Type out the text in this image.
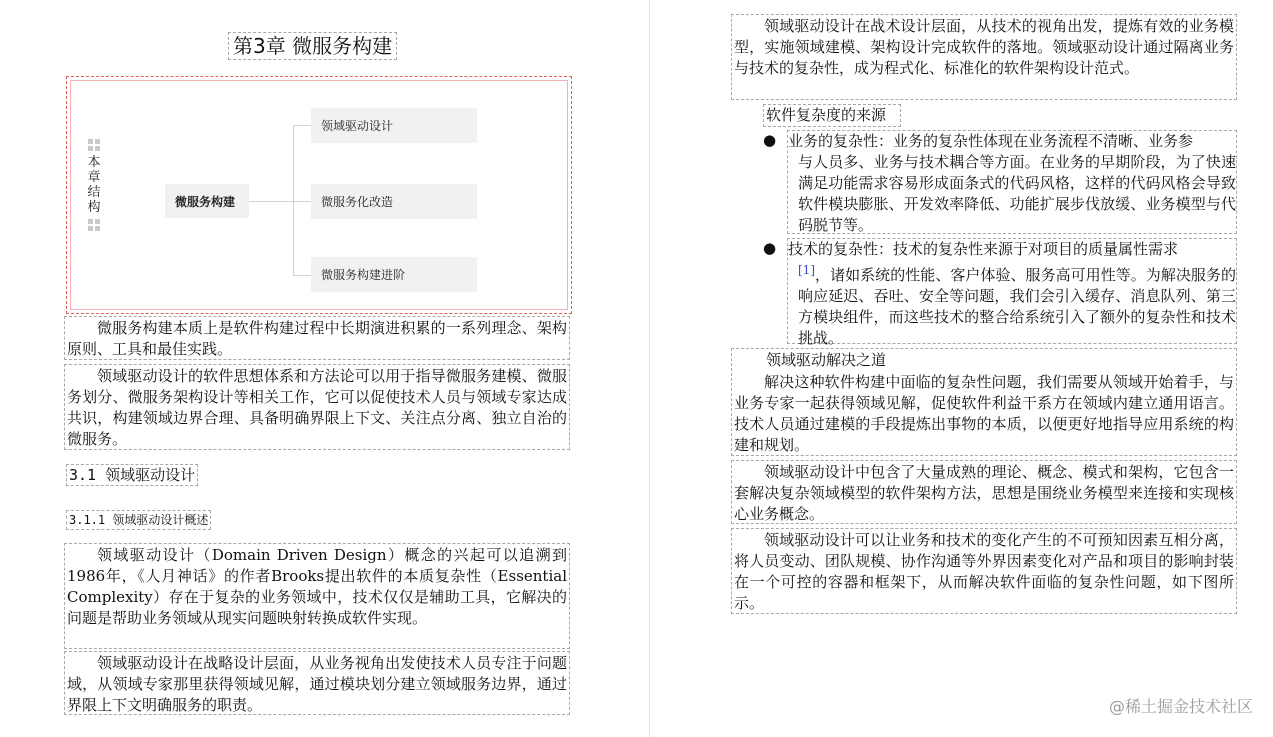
第3章 微服务构建
本
章
结
构	微服务构建
领域驱动设计
微服务化改造
微服务构建进阶

微服务构建本质上是软件构建过程中长期演进积累的一系列理念、架构原则、工具和最佳实践。

领域驱动设计的软件思想体系和方法论可以用于指导微服务建模、微服务划分、微服务架构设计等相关工作，它可以促使技术人员与领域专家达成共识，构建领域边界合理、具备明确界限上下文、关注点分离、独立自治的微服务。

3.1 领域驱动设计
3.1.1 领域驱动设计概述

领域驱动设计（Domain Driven Design）概念的兴起可以追溯到1986年，《人月神话》的作者Brooks提出软件的本质复杂性（Essential Complexity）存在于复杂的业务领域中，技术仅仅是辅助工具，它解决的问题是帮助业务领域从现实问题映射转换成软件实现。

领域驱动设计在战略设计层面，从业务视角出发使技术人员专注于问题域，从领域专家那里获得领域见解，通过模块划分建立领域服务边界，通过界限上下文明确服务的职责。

领域驱动设计在战术设计层面，从技术的视角出发，提炼有效的业务模型，实施领域建模、架构设计完成软件的落地。领域驱动设计通过隔离业务与技术的复杂性，成为程式化、标准化的软件架构设计范式。

软件复杂度的来源
● 业务的复杂性：业务的复杂性体现在业务流程不清晰、业务参
与人员多、业务与技术耦合等方面。在业务的早期阶段，为了快速满足功能需求容易形成面条式的代码风格，这样的代码风格会导致软件模块膨胀、开发效率降低、功能扩展步伐放缓、业务模型与代码脱节等。
● 技术的复杂性：技术的复杂性来源于对项目的质量属性需求
[1]，诸如系统的性能、客户体验、服务高可用性等。为解决服务的响应延迟、吞吐、安全等问题，我们会引入缓存、消息队列、第三方模块组件，而这些技术的整合给系统引入了额外的复杂性和技术挑战。
领域驱动解决之道

解决这种软件构建中面临的复杂性问题，我们需要从领域开始着手，与业务专家一起获得领域见解，促使软件利益干系方在领域内建立通用语言。技术人员通过建模的手段提炼出事物的本质，以便更好地指导应用系统的构建和规划。

领域驱动设计中包含了大量成熟的理论、概念、模式和架构，它包含一套解决复杂领域模型的软件架构方法，思想是围绕业务模型来连接和实现核心业务概念。

领域驱动设计可以让业务和技术的变化产生的不可预知因素互相分离，将人员变动、团队规模、协作沟通等外界因素变化对产品和项目的影响封装在一个可控的容器和框架下，从而解决软件面临的复杂性问题，如下图所示。

@稀土掘金技术社区
